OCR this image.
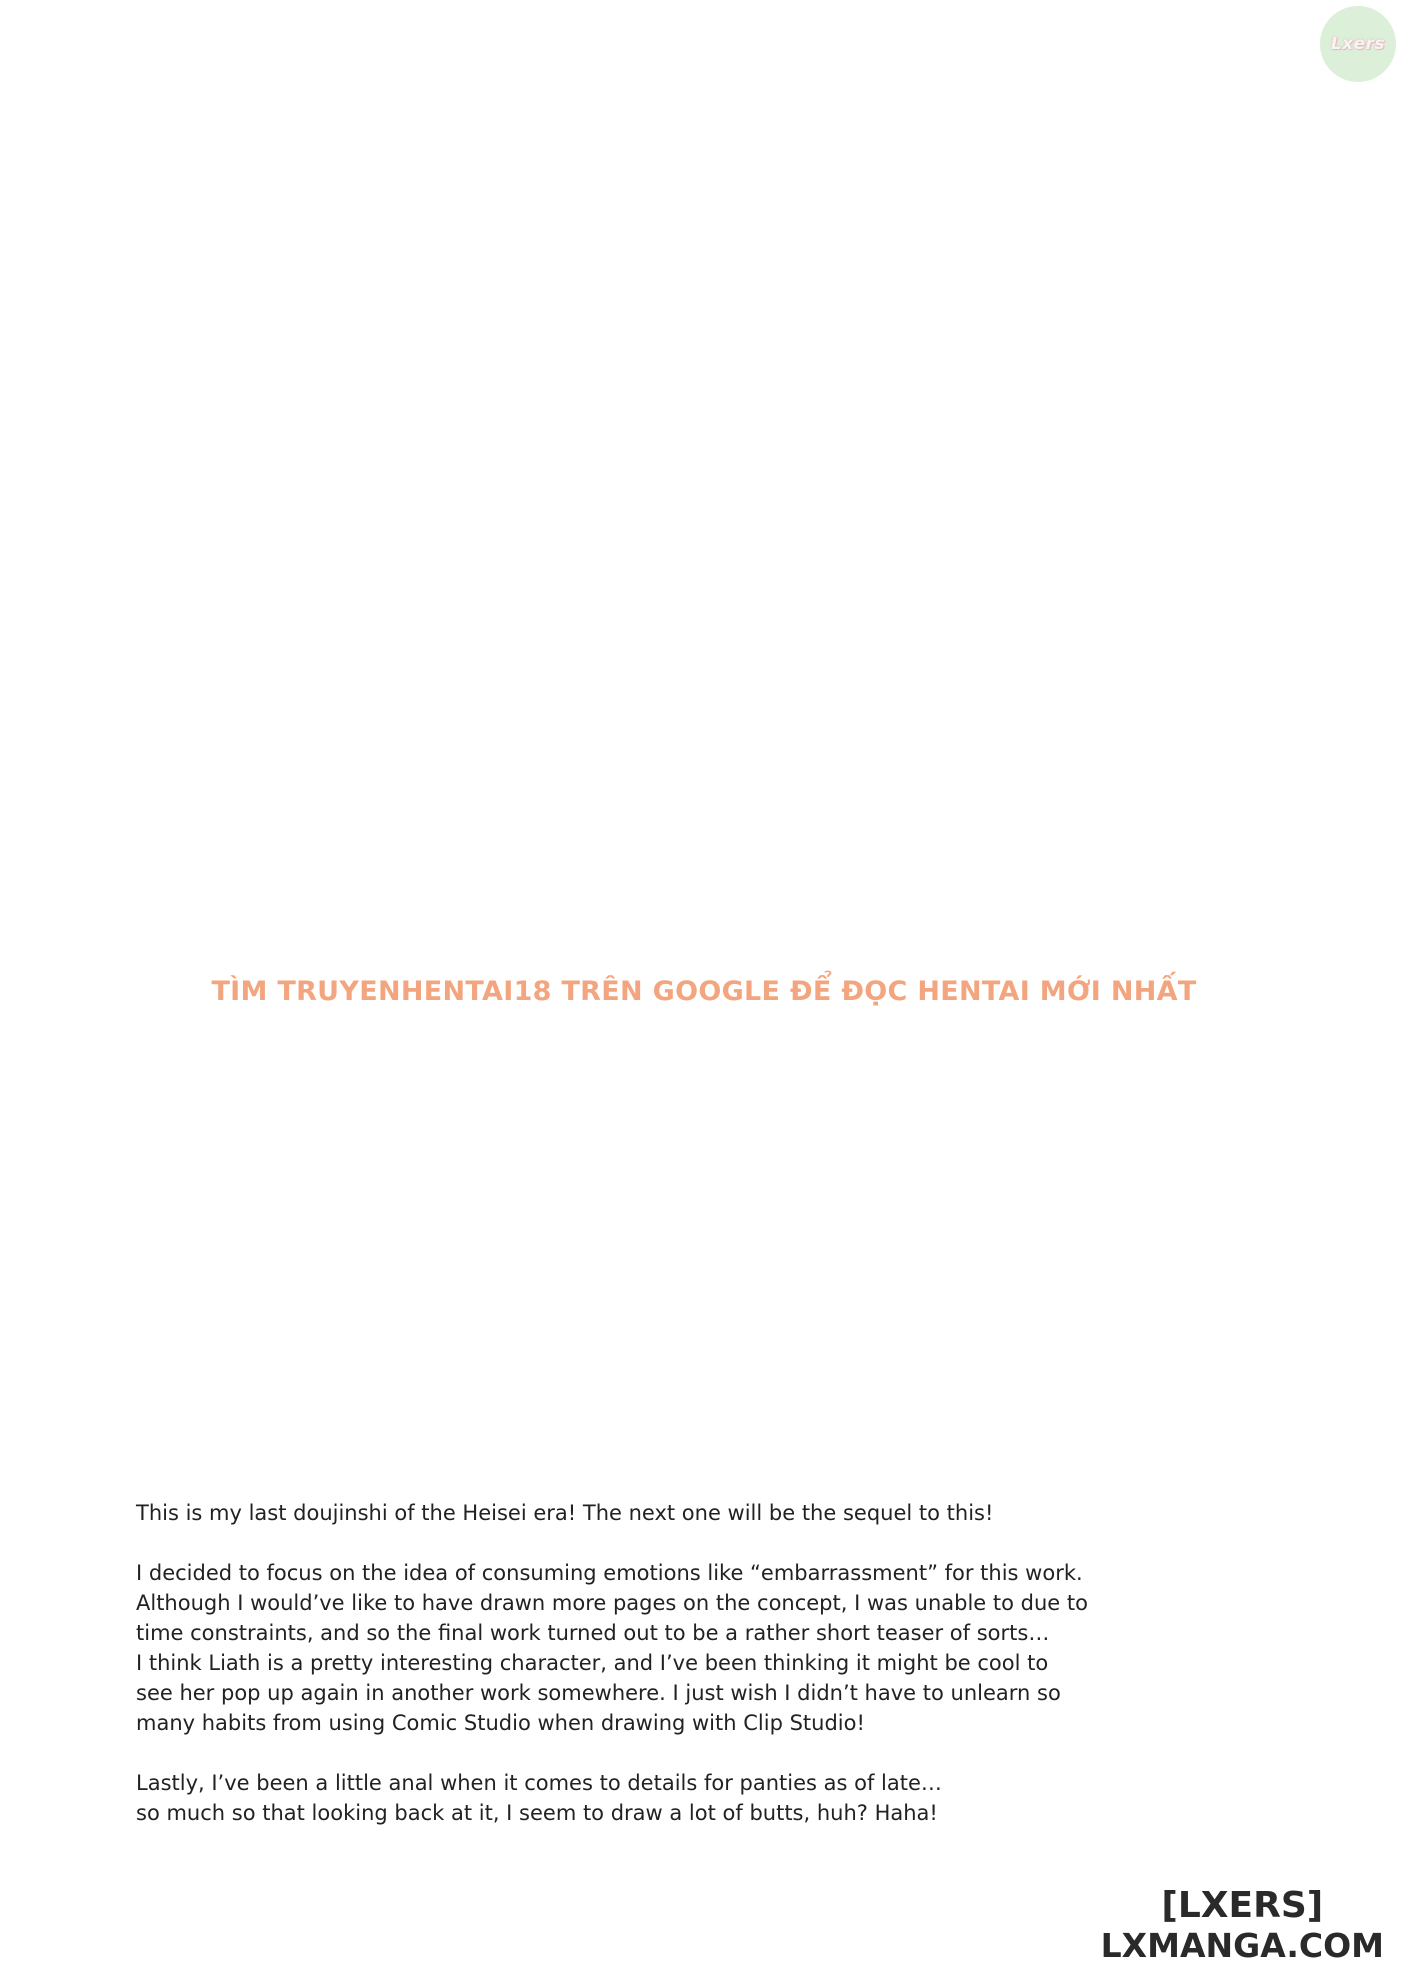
Lxers
TÌM TRUYENHENTAI18 TRÊN GOOGLE ĐỂ ĐỌC HENTAI MỚI NHẤT

This is my last doujinshi of the Heisei era! The next one will be the sequel to this!

I decided to focus on the idea of consuming emotions like “embarrassment” for this work.
Although I would’ve like to have drawn more pages on the concept, I was unable to due to
time constraints, and so the final work turned out to be a rather short teaser of sorts…
I think Liath is a pretty interesting character, and I’ve been thinking it might be cool to
see her pop up again in another work somewhere. I just wish I didn’t have to unlearn so
many habits from using Comic Studio when drawing with Clip Studio!

Lastly, I’ve been a little anal when it comes to details for panties as of late…
so much so that looking back at it, I seem to draw a lot of butts, huh? Haha!

[LXERS]
LXMANGA.COM
